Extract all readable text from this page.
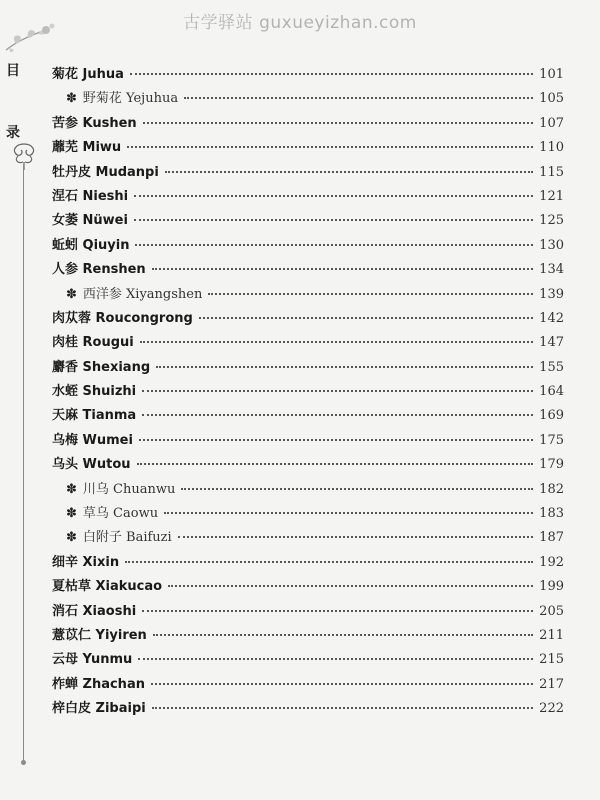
古学驿站 guxueyizhan.com
目
录
菊花 Juhua	101
✽ 野菊花 Yejuhua	105
苦参 Kushen	107
蘼芜 Miwu	110
牡丹皮 Mudanpi	115
涅石 Nieshi	121
女萎 Nüwei	125
蚯蚓 Qiuyin	130
人参 Renshen	134
✽ 西洋参 Xiyangshen	139
肉苁蓉 Roucongrong	142
肉桂 Rougui	147
麝香 Shexiang	155
水蛭 Shuizhi	164
天麻 Tianma	169
乌梅 Wumei	175
乌头 Wutou	179
✽ 川乌 Chuanwu	182
✽ 草乌 Caowu	183
✽ 白附子 Baifuzi	187
细辛 Xixin	192
夏枯草 Xiakucao	199
消石 Xiaoshi	205
薏苡仁 Yiyiren	211
云母 Yunmu	215
柞蝉 Zhachan	217
梓白皮 Zibaipi	222
